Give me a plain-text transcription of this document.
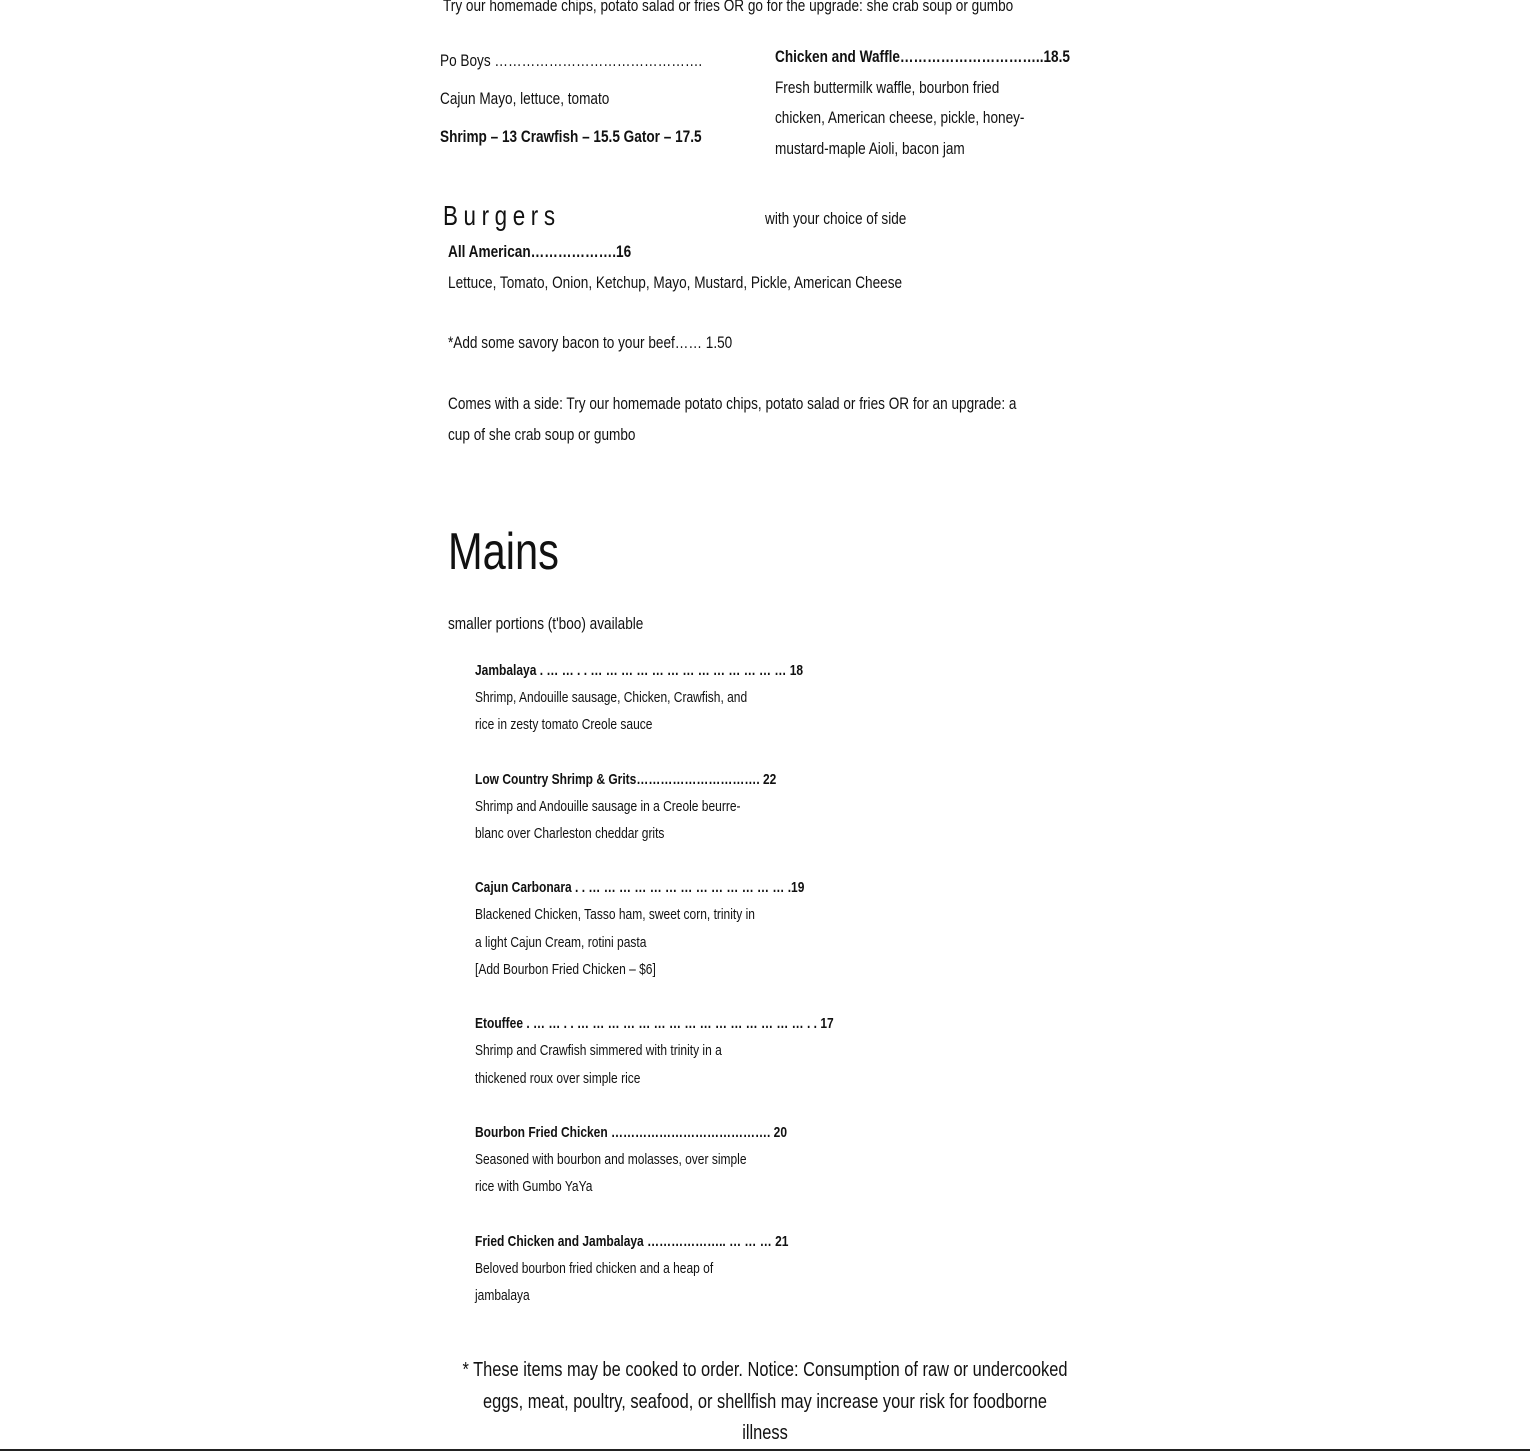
Try our homemade chips, potato salad or fries OR go for the upgrade: she crab soup or gumbo
Po Boys ……………………………………….
Cajun Mayo, lettuce, tomato
Shrimp – 13 Crawfish – 15.5 Gator – 17.5
Chicken and Waffle…………………………..18.5
Fresh buttermilk waffle, bourbon fried
chicken, American cheese, pickle, honey-
mustard-maple Aioli, bacon jam
Burgers	with your choice of side
All American……………….16
Lettuce, Tomato, Onion, Ketchup, Mayo, Mustard, Pickle, American Cheese
*Add some savory bacon to your beef…… 1.50
Comes with a side: Try our homemade potato chips, potato salad or fries OR for an upgrade: a
cup of she crab soup or gumbo
Mains
smaller portions (t'boo) available
Jambalaya . … … . . … … … … … … … … … … … … … 18
Shrimp, Andouille sausage, Chicken, Crawfish, and
rice in zesty tomato Creole sauce
Low Country Shrimp & Grits…………………………. 22
Shrimp and Andouille sausage in a Creole beurre-
blanc over Charleston cheddar grits
Cajun Carbonara . . … … … … … … … … … … … … … .19
Blackened Chicken, Tasso ham, sweet corn, trinity in
a light Cajun Cream, rotini pasta
[Add Bourbon Fried Chicken – $6]
Etouffee . … … . . … … … … … … … … … … … … … … … . . 17
Shrimp and Crawfish simmered with trinity in a
thickened roux over simple rice
Bourbon Fried Chicken …………………………………. 20
Seasoned with bourbon and molasses, over simple
rice with Gumbo YaYa
Fried Chicken and Jambalaya ……………….. … … … 21
Beloved bourbon fried chicken and a heap of
jambalaya
* These items may be cooked to order. Notice: Consumption of raw or undercooked
eggs, meat, poultry, seafood, or shellfish may increase your risk for foodborne
illness
